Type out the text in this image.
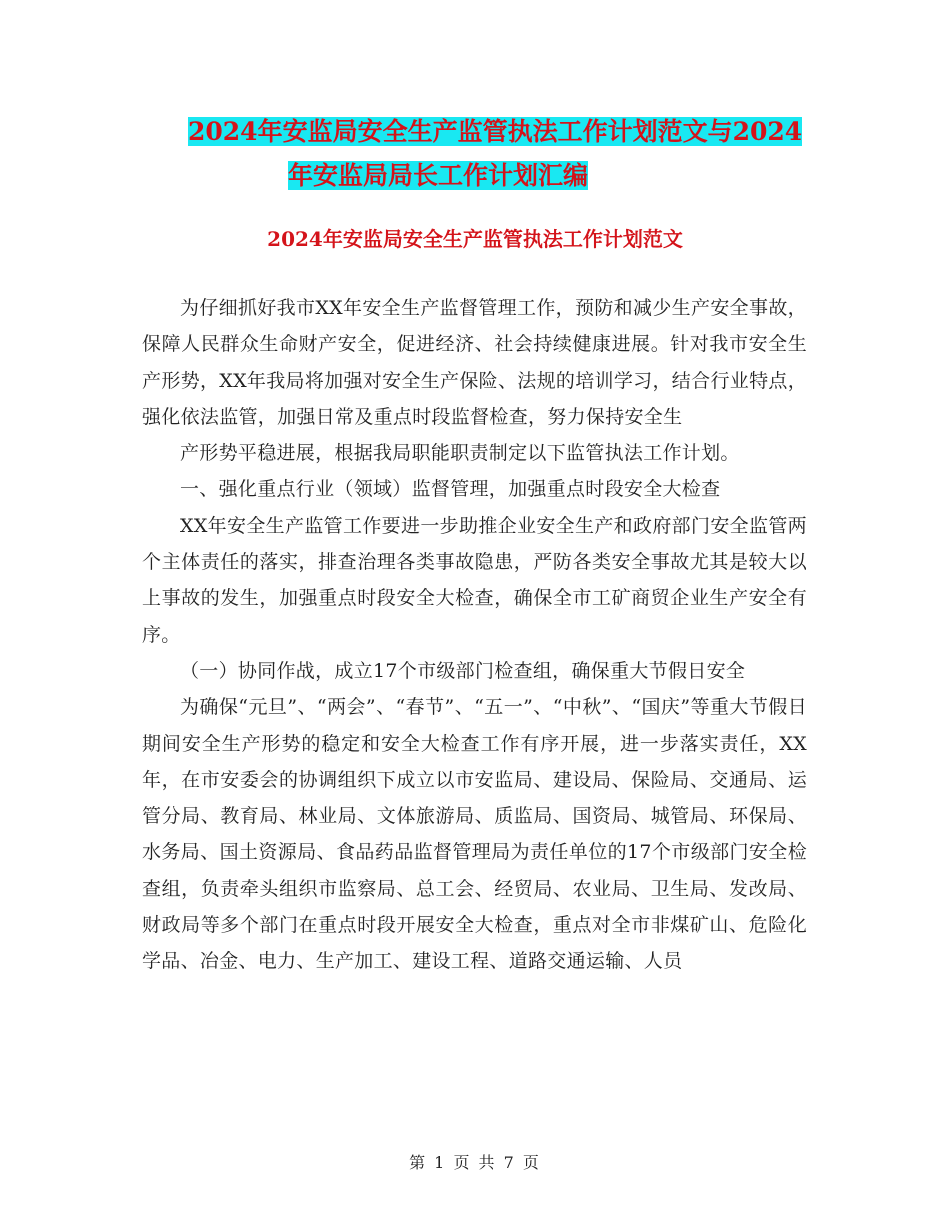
2024年安监局安全生产监管执法工作计划范文与2024
年安监局局长工作计划汇编
2024年安监局安全生产监管执法工作计划范文

为仔细抓好我市XX年安全生产监督管理工作，预防和减少生产安全事故，保障人民群众生命财产安全，促进经济、社会持续健康进展。针对我市安全生产形势，XX年我局将加强对安全生产保险、法规的培训学习，结合行业特点，强化依法监管，加强日常及重点时段监督检查，努力保持安全生

产形势平稳进展，根据我局职能职责制定以下监管执法工作计划。

一、强化重点行业（领域）监督管理，加强重点时段安全大检查

XX年安全生产监管工作要进一步助推企业安全生产和政府部门安全监管两个主体责任的落实，排查治理各类事故隐患，严防各类安全事故尤其是较大以上事故的发生，加强重点时段安全大检查，确保全市工矿商贸企业生产安全有序。

（一）协同作战，成立17个市级部门检查组，确保重大节假日安全

为确保“元旦”、“两会”、“春节”、“五一”、“中秋”、“国庆”等重大节假日期间安全生产形势的稳定和安全大检查工作有序开展，进一步落实责任，XX年，在市安委会的协调组织下成立以市安监局、建设局、保险局、交通局、运管分局、教育局、林业局、文体旅游局、质监局、国资局、城管局、环保局、水务局、国土资源局、食品药品监督管理局为责任单位的17个市级部门安全检查组，负责牵头组织市监察局、总工会、经贸局、农业局、卫生局、发改局、财政局等多个部门在重点时段开展安全大检查，重点对全市非煤矿山、危险化学品、冶金、电力、生产加工、建设工程、道路交通运输、人员

第 1 页 共 7 页
